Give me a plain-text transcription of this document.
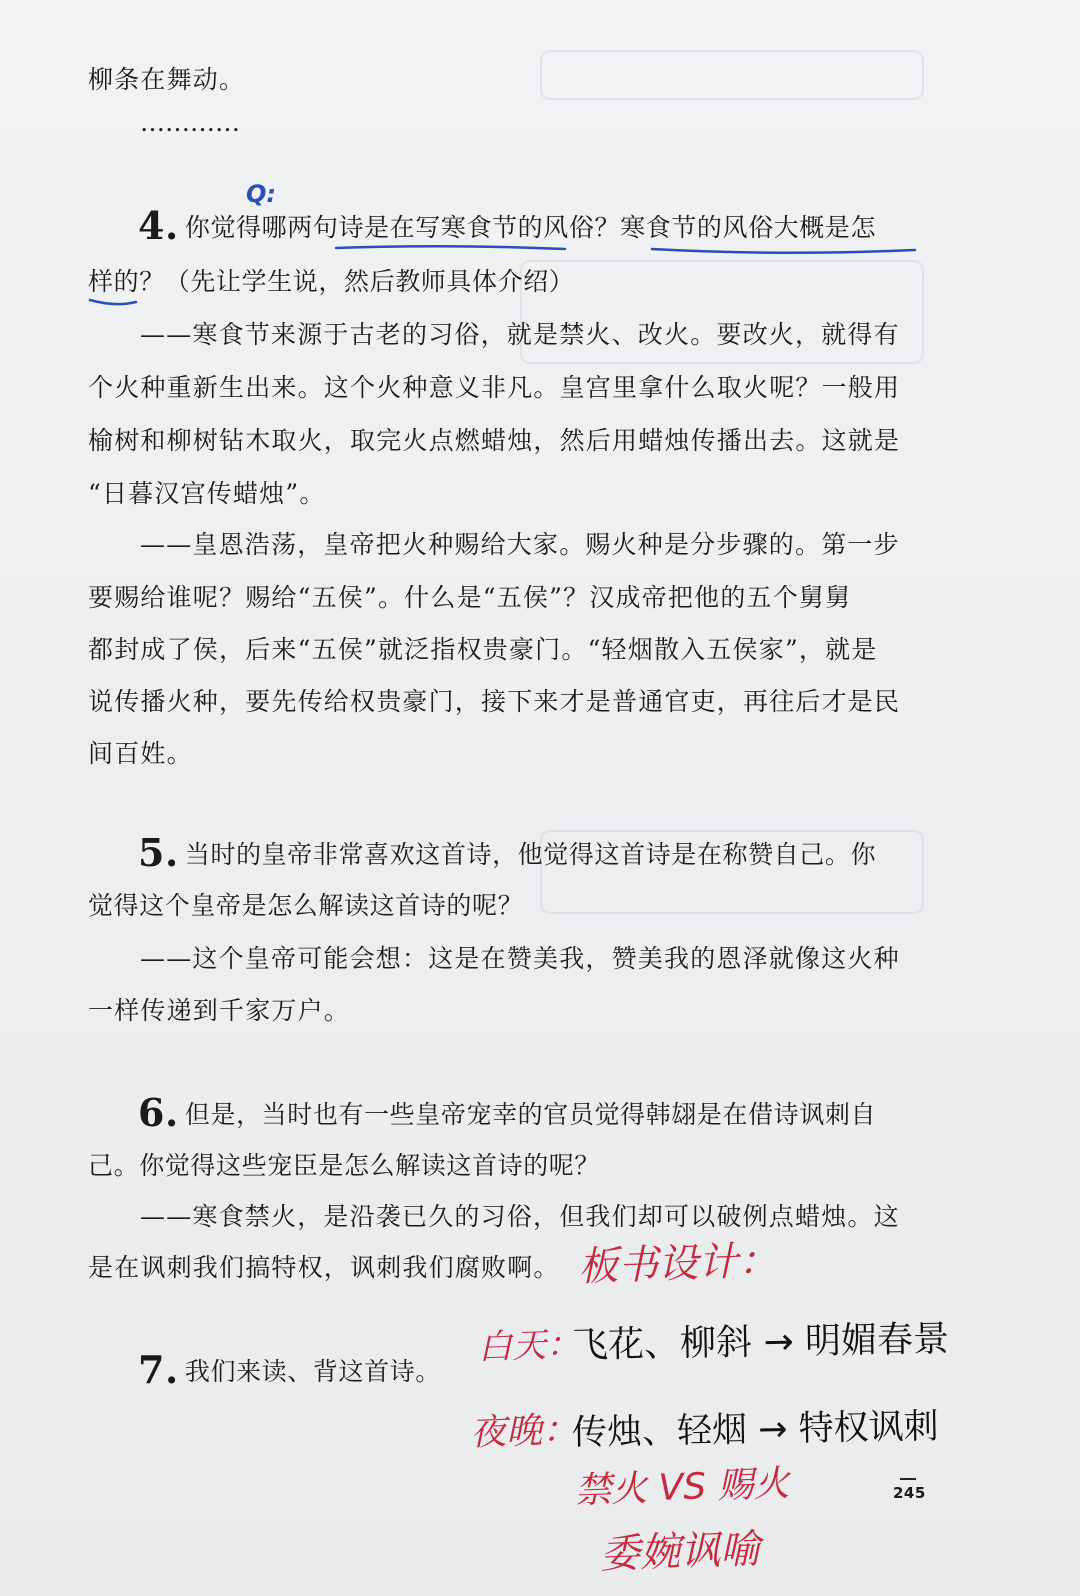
柳条在舞动。
…………
4. 你觉得哪两句诗是在写寒食节的风俗？寒食节的风俗大概是怎
样的？（先让学生说，然后教师具体介绍）
——寒食节来源于古老的习俗，就是禁火、改火。要改火，就得有
个火种重新生出来。这个火种意义非凡。皇宫里拿什么取火呢？一般用
榆树和柳树钻木取火，取完火点燃蜡烛，然后用蜡烛传播出去。这就是
“日暮汉宫传蜡烛”。
——皇恩浩荡，皇帝把火种赐给大家。赐火种是分步骤的。第一步
要赐给谁呢？赐给“五侯”。什么是“五侯”？汉成帝把他的五个舅舅
都封成了侯，后来“五侯”就泛指权贵豪门。“轻烟散入五侯家”，就是
说传播火种，要先传给权贵豪门，接下来才是普通官吏，再往后才是民
间百姓。
5. 当时的皇帝非常喜欢这首诗，他觉得这首诗是在称赞自己。你
觉得这个皇帝是怎么解读这首诗的呢？
——这个皇帝可能会想：这是在赞美我，赞美我的恩泽就像这火种
一样传递到千家万户。
6. 但是，当时也有一些皇帝宠幸的官员觉得韩翃是在借诗讽刺自
己。你觉得这些宠臣是怎么解读这首诗的呢？
——寒食禁火，是沿袭已久的习俗，但我们却可以破例点蜡烛。这
是在讽刺我们搞特权，讽刺我们腐败啊。
7. 我们来读、背这首诗。
245
Q:
板书设计：
白天：
飞花、柳斜 → 明媚春景
夜晚：
传烛、轻烟 → 特权讽刺
禁火 VS 赐火
委婉讽喻
